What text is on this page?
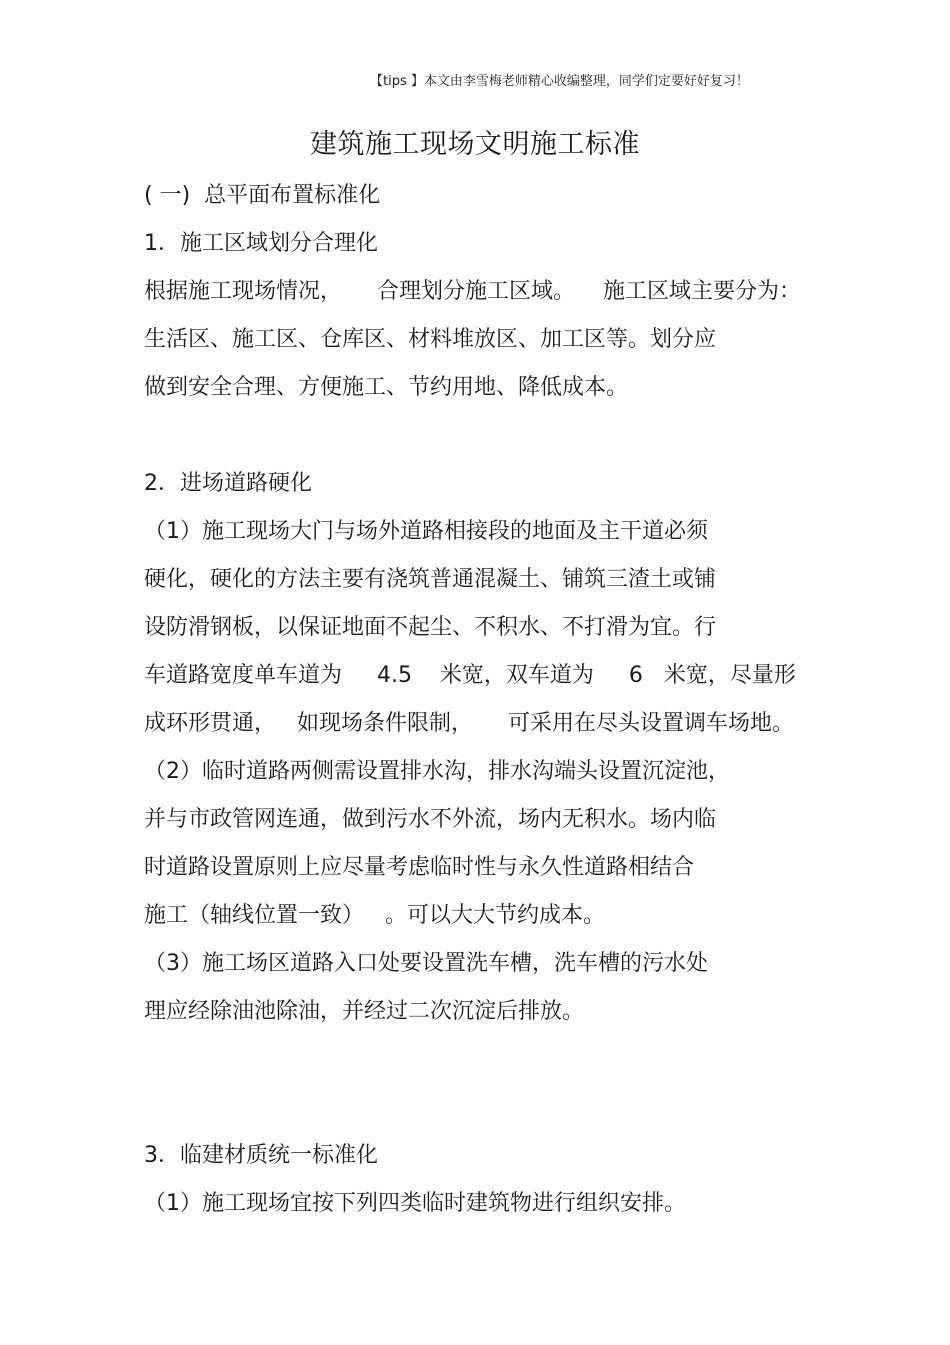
【tips 】本文由李雪梅老师精心收编整理，同学们定要好好复习！
建筑施工现场文明施工标准
( 一)  总平面布置标准化
1．施工区域划分合理化
根据施工现场情况，     合理划分施工区域。    施工区域主要分为：
生活区、施工区、仓库区、材料堆放区、加工区等。划分应
做到安全合理、方便施工、节约用地、降低成本。
2．进场道路硬化
（1）施工现场大门与场外道路相接段的地面及主干道必须
硬化，硬化的方法主要有浇筑普通混凝土、铺筑三渣土或铺
设防滑钢板，以保证地面不起尘、不积水、不打滑为宜。行
车道路宽度单车道为     4.5    米宽，双车道为     6   米宽，尽量形
成环形贯通，   如现场条件限制，     可采用在尽头设置调车场地。
（2）临时道路两侧需设置排水沟，排水沟端头设置沉淀池，
并与市政管网连通，做到污水不外流，场内无积水。场内临
时道路设置原则上应尽量考虑临时性与永久性道路相结合
施工（轴线位置一致）   。可以大大节约成本。
（3）施工场区道路入口处要设置洗车槽，洗车槽的污水处
理应经除油池除油，并经过二次沉淀后排放。
3．临建材质统一标准化
（1）施工现场宜按下列四类临时建筑物进行组织安排。
